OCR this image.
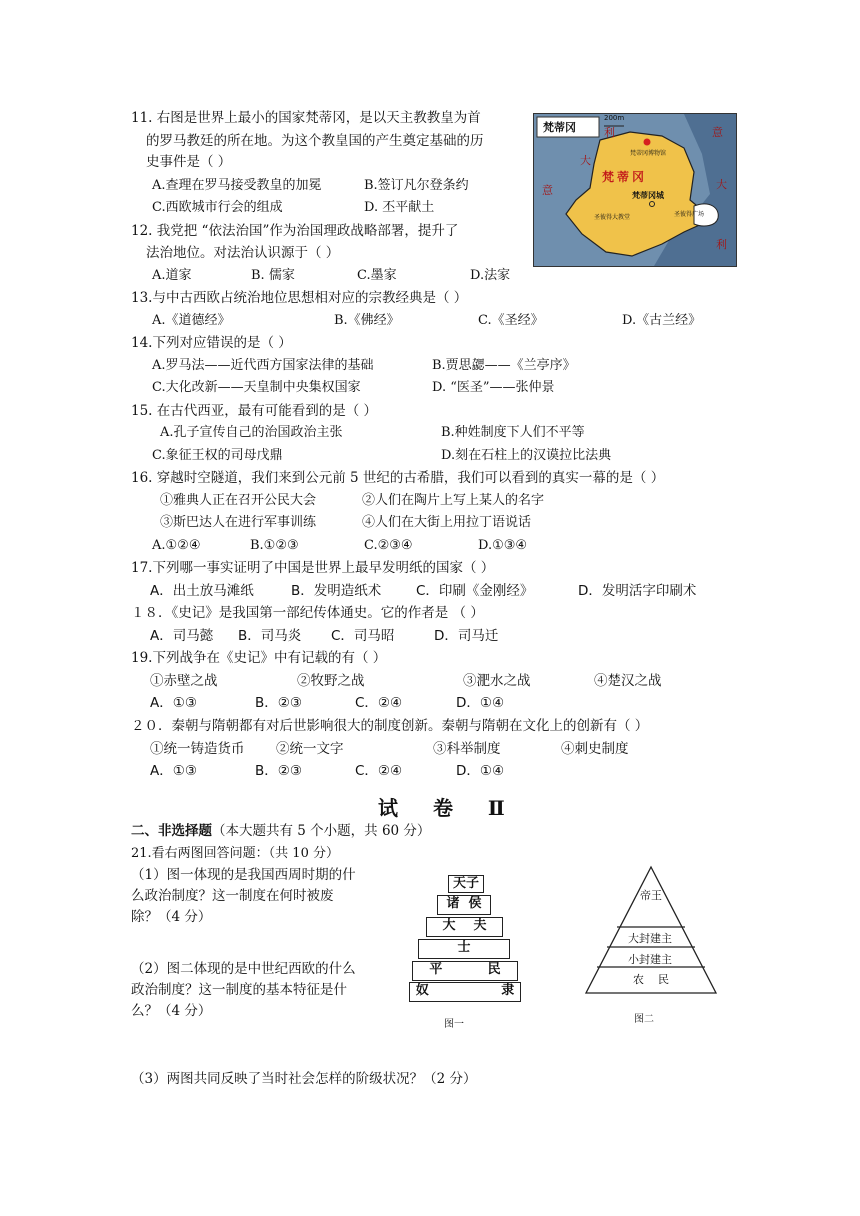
11. 右图是世界上最小的国家梵蒂冈，是以天主教教皇为首
的罗马教廷的所在地。为这个教皇国的产生奠定基础的历
史事件是（ ）
A.查理在罗马接受教皇的加冕	B.签订凡尔登条约
C.西欧城市行会的组成	D. 丕平献土
梵蒂冈
200m
梵蒂冈博物馆
梵蒂冈
梵蒂冈城
圣彼得大教堂	圣彼得广场
利
大
意
意
大
利
12. 我党把 “依法治国”作为治国理政战略部署，提升了
法治地位。对法治认识源于（ ）
A.道家	B. 儒家	C.墨家	D.法家
13.与中古西欧占统治地位思想相对应的宗教经典是（ ）
A.《道德经》	B.《佛经》	C.《圣经》	D.《古兰经》
14.下列对应错误的是（ ）
A.罗马法——近代西方国家法律的基础	B.贾思勰——《兰亭序》
C.大化改新——天皇制中央集权国家	D. “医圣”——张仲景
15. 在古代西亚，最有可能看到的是（ ）
A.孔子宣传自己的治国政治主张	B.种姓制度下人们不平等
C.象征王权的司母戊鼎	D.刻在石柱上的汉谟拉比法典
16. 穿越时空隧道，我们来到公元前 5 世纪的古希腊，我们可以看到的真实一幕的是（ ）
①雅典人正在召开公民大会	②人们在陶片上写上某人的名字
③斯巴达人在进行军事训练	④人们在大街上用拉丁语说话
A.①②④	B.①②③	C.②③④	D.①③④
17.下列哪一事实证明了中国是世界上最早发明纸的国家（ ）
A．出土放马滩纸	B．发明造纸术	C．印刷《金刚经》	D．发明活字印刷术
１８．《史记》是我国第一部纪传体通史。它的作者是 （ ）
A．司马懿 B．司马炎 C．司马昭	D．司马迁
19.下列战争在《史记》中有记载的有（ ）
①赤壁之战	②牧野之战	③淝水之战	④楚汉之战
A．①③	B．②③	C．②④	D．①④
２０．秦朝与隋朝都有对后世影响很大的制度创新。秦朝与隋朝在文化上的创新有（ ）
①统一铸造货币 ②统一文字	③科举制度	④刺史制度
A．①③	B．②③	C．②④	D．①④
试 卷 Ⅱ
二、非选择题（本大题共有 5 个小题，共 60 分）
21.看右两图回答问题：（共 10 分）
（1）图一体现的是我国西周时期的什
么政治制度？这一制度在何时被废
除？（4 分）
（2）图二体现的是中世纪西欧的什么
政治制度？这一制度的基本特征是什
么？（4 分）
（3）两图共同反映了当时社会怎样的阶级状况？（2 分）
天子
诸  侯
大    夫
士
平          民
奴                隶
图一
帝王
大封建主
小封建主
农    民
图二
